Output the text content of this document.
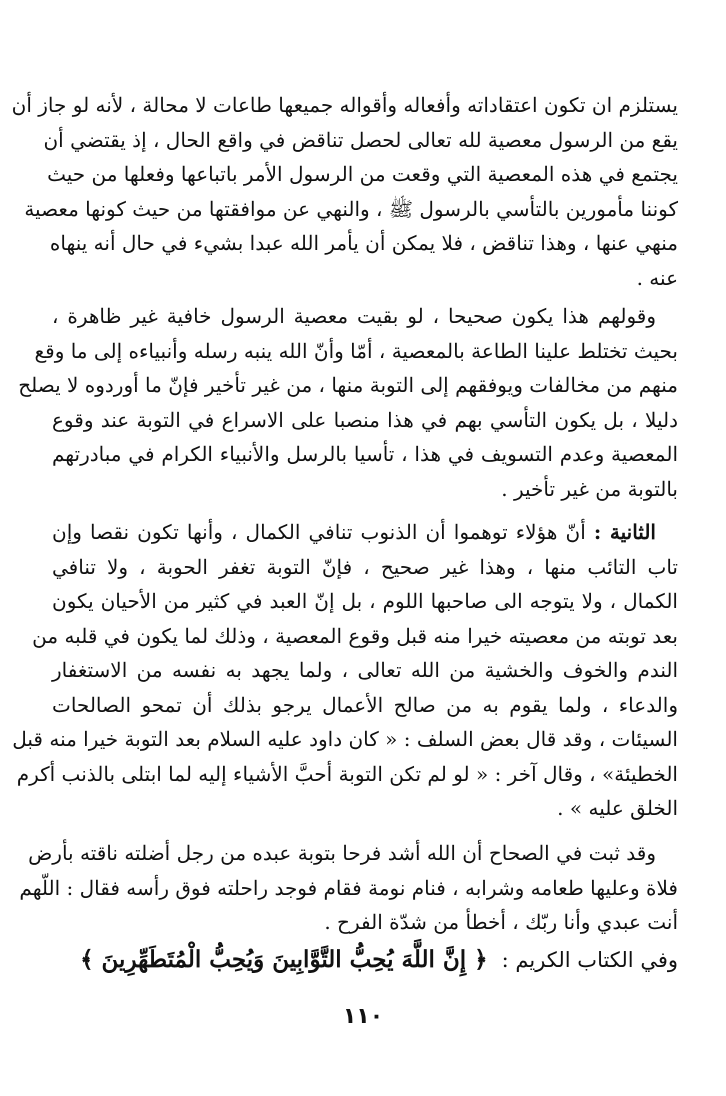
يستلزم ان تكون اعتقاداته وأفعاله وأقواله جميعها طاعات لا محالة ، لأنه لو جاز أن
يقع من الرسول معصية لله تعالى لحصل تناقض في واقع الحال ، إذ يقتضي أن
يجتمع في هذه المعصية التي وقعت من الرسول الأمر باتباعها وفعلها من حيث
كوننا مأمورين بالتأسي بالرسول ﷺ ، والنهي عن موافقتها من حيث كونها معصية
منهي عنها ، وهذا تناقض ، فلا يمكن أن يأمر الله عبدا بشيء في حال أنه ينهاه
عنه .
وقولهم هذا يكون صحيحا ، لو بقيت معصية الرسول خافية غير ظاهرة ،
بحيث تختلط علينا الطاعة بالمعصية ، أمّا وأنّ الله ينبه رسله وأنبياءه إلى ما وقع
منهم من مخالفات ويوفقهم إلى التوبة منها ، من غير تأخير فإنّ ما أوردوه لا يصلح
دليلا ، بل يكون التأسي بهم في هذا منصبا على الاسراع في التوبة عند وقوع
المعصية وعدم التسويف في هذا ، تأسيا بالرسل والأنبياء الكرام في مبادرتهم
بالتوبة من غير تأخير .
الثانية : أنّ هؤلاء توهموا أن الذنوب تنافي الكمال ، وأنها تكون نقصا وإن
تاب التائب منها ، وهذا غير صحيح ، فإنّ التوبة تغفر الحوبة ، ولا تنافي
الكمال ، ولا يتوجه الى صاحبها اللوم ، بل إنّ العبد في كثير من الأحيان يكون
بعد توبته من معصيته خيرا منه قبل وقوع المعصية ، وذلك لما يكون في قلبه من
الندم والخوف والخشية من الله تعالى ، ولما يجهد به نفسه من الاستغفار
والدعاء ، ولما يقوم به من صالح الأعمال يرجو بذلك أن تمحو الصالحات
السيئات ، وقد قال بعض السلف : « كان داود عليه السلام بعد التوبة خيرا منه قبل
الخطيئة» ، وقال آخر : « لو لم تكن التوبة أحبَّ الأشياء إليه لما ابتلى بالذنب أكرم
الخلق عليه » .
وقد ثبت في الصحاح أن الله أشد فرحا بتوبة عبده من رجل أضلته ناقته بأرض
فلاة وعليها طعامه وشرابه ، فنام نومة فقام فوجد راحلته فوق رأسه فقال : اللّهم
أنت عبدي وأنا ربّك ، أخطأ من شدّة الفرح .
وفي الكتاب الكريم :﴿ إِنَّ اللَّهَ يُحِبُّ التَّوَّابِينَ وَيُحِبُّ الْمُتَطَهِّرِينَ ﴾
١١٠
